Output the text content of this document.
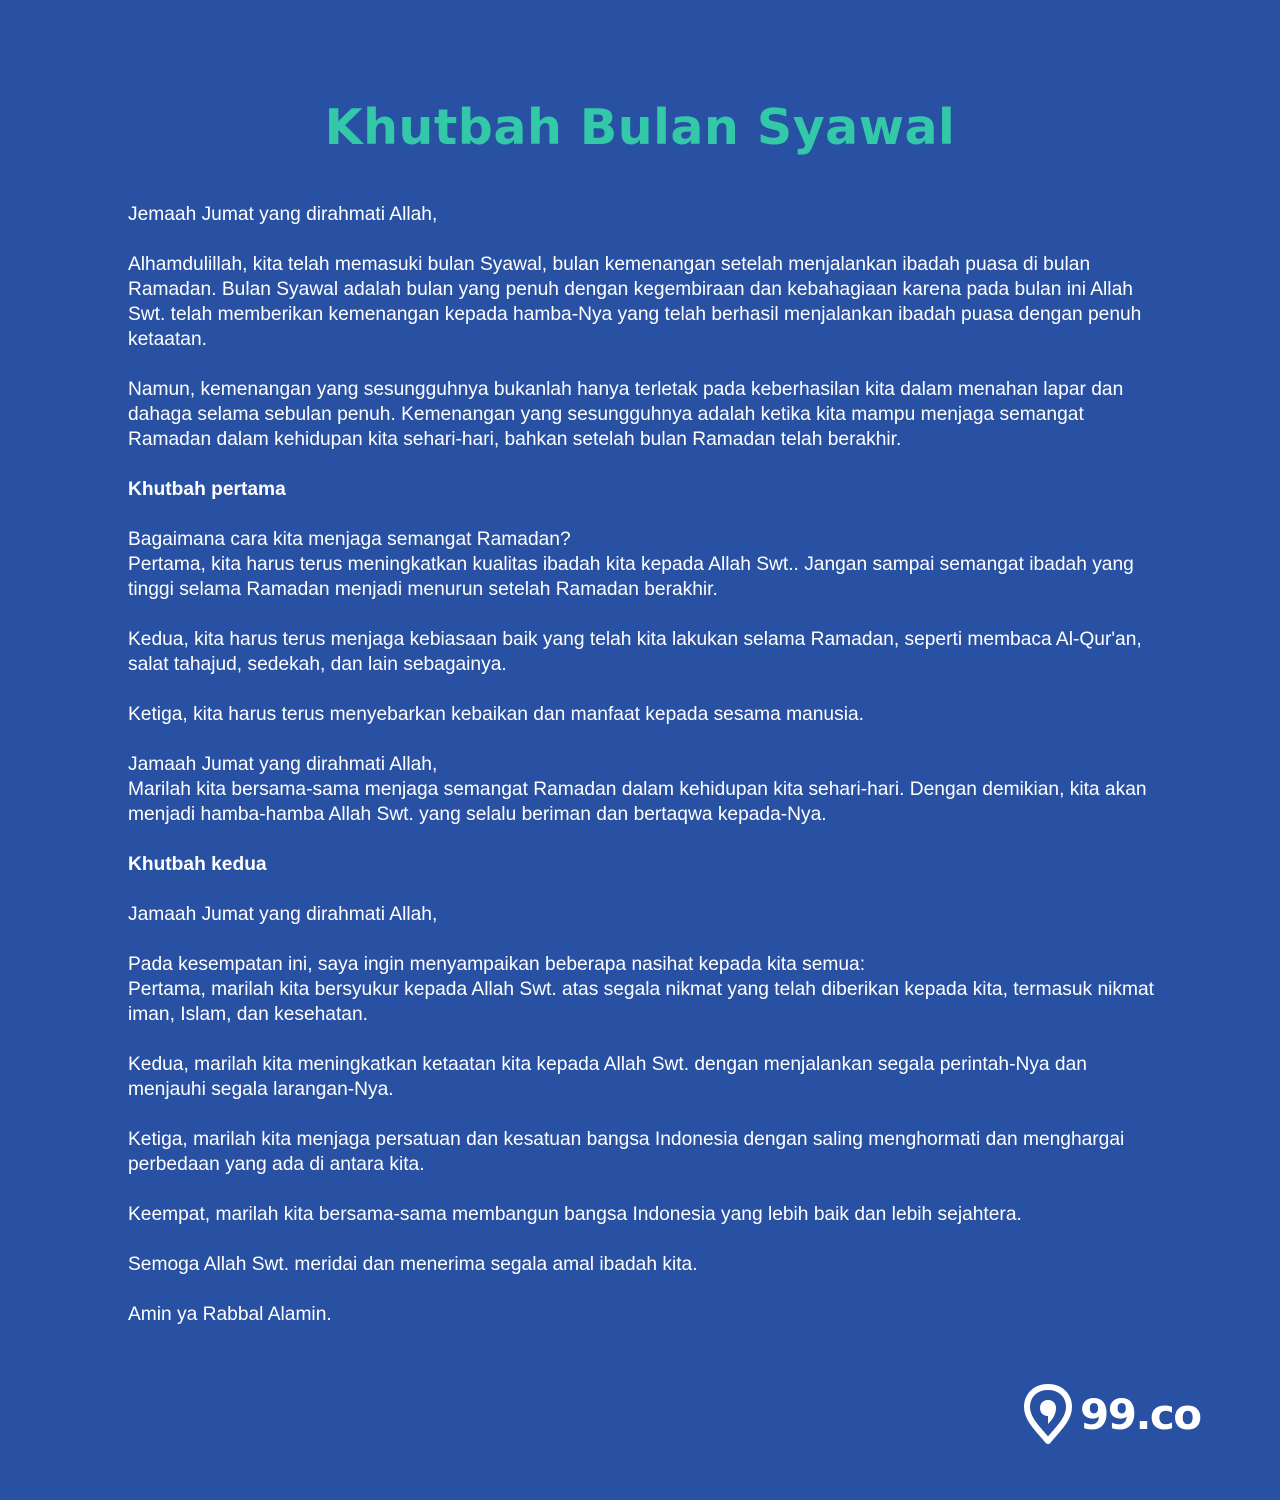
Khutbah Bulan Syawal

Jemaah Jumat yang dirahmati Allah,

Alhamdulillah, kita telah memasuki bulan Syawal, bulan kemenangan setelah menjalankan ibadah puasa di bulan Ramadan. Bulan Syawal adalah bulan yang penuh dengan kegembiraan dan kebahagiaan karena pada bulan ini Allah Swt. telah memberikan kemenangan kepada hamba-Nya yang telah berhasil menjalankan ibadah puasa dengan penuh ketaatan.

Namun, kemenangan yang sesungguhnya bukanlah hanya terletak pada keberhasilan kita dalam menahan lapar dan dahaga selama sebulan penuh. Kemenangan yang sesungguhnya adalah ketika kita mampu menjaga semangat Ramadan dalam kehidupan kita sehari-hari, bahkan setelah bulan Ramadan telah berakhir.

Khutbah pertama

Bagaimana cara kita menjaga semangat Ramadan?
Pertama, kita harus terus meningkatkan kualitas ibadah kita kepada Allah Swt.. Jangan sampai semangat ibadah yang tinggi selama Ramadan menjadi menurun setelah Ramadan berakhir.

Kedua, kita harus terus menjaga kebiasaan baik yang telah kita lakukan selama Ramadan, seperti membaca Al-Qur'an, salat tahajud, sedekah, dan lain sebagainya.

Ketiga, kita harus terus menyebarkan kebaikan dan manfaat kepada sesama manusia.

Jamaah Jumat yang dirahmati Allah,
Marilah kita bersama-sama menjaga semangat Ramadan dalam kehidupan kita sehari-hari. Dengan demikian, kita akan menjadi hamba-hamba Allah Swt. yang selalu beriman dan bertaqwa kepada-Nya.

Khutbah kedua

Jamaah Jumat yang dirahmati Allah,

Pada kesempatan ini, saya ingin menyampaikan beberapa nasihat kepada kita semua:
Pertama, marilah kita bersyukur kepada Allah Swt. atas segala nikmat yang telah diberikan kepada kita, termasuk nikmat iman, Islam, dan kesehatan.

Kedua, marilah kita meningkatkan ketaatan kita kepada Allah Swt. dengan menjalankan segala perintah-Nya dan menjauhi segala larangan-Nya.

Ketiga, marilah kita menjaga persatuan dan kesatuan bangsa Indonesia dengan saling menghormati dan menghargai perbedaan yang ada di antara kita.

Keempat, marilah kita bersama-sama membangun bangsa Indonesia yang lebih baik dan lebih sejahtera.

Semoga Allah Swt. meridai dan menerima segala amal ibadah kita.

Amin ya Rabbal Alamin.

99.co
